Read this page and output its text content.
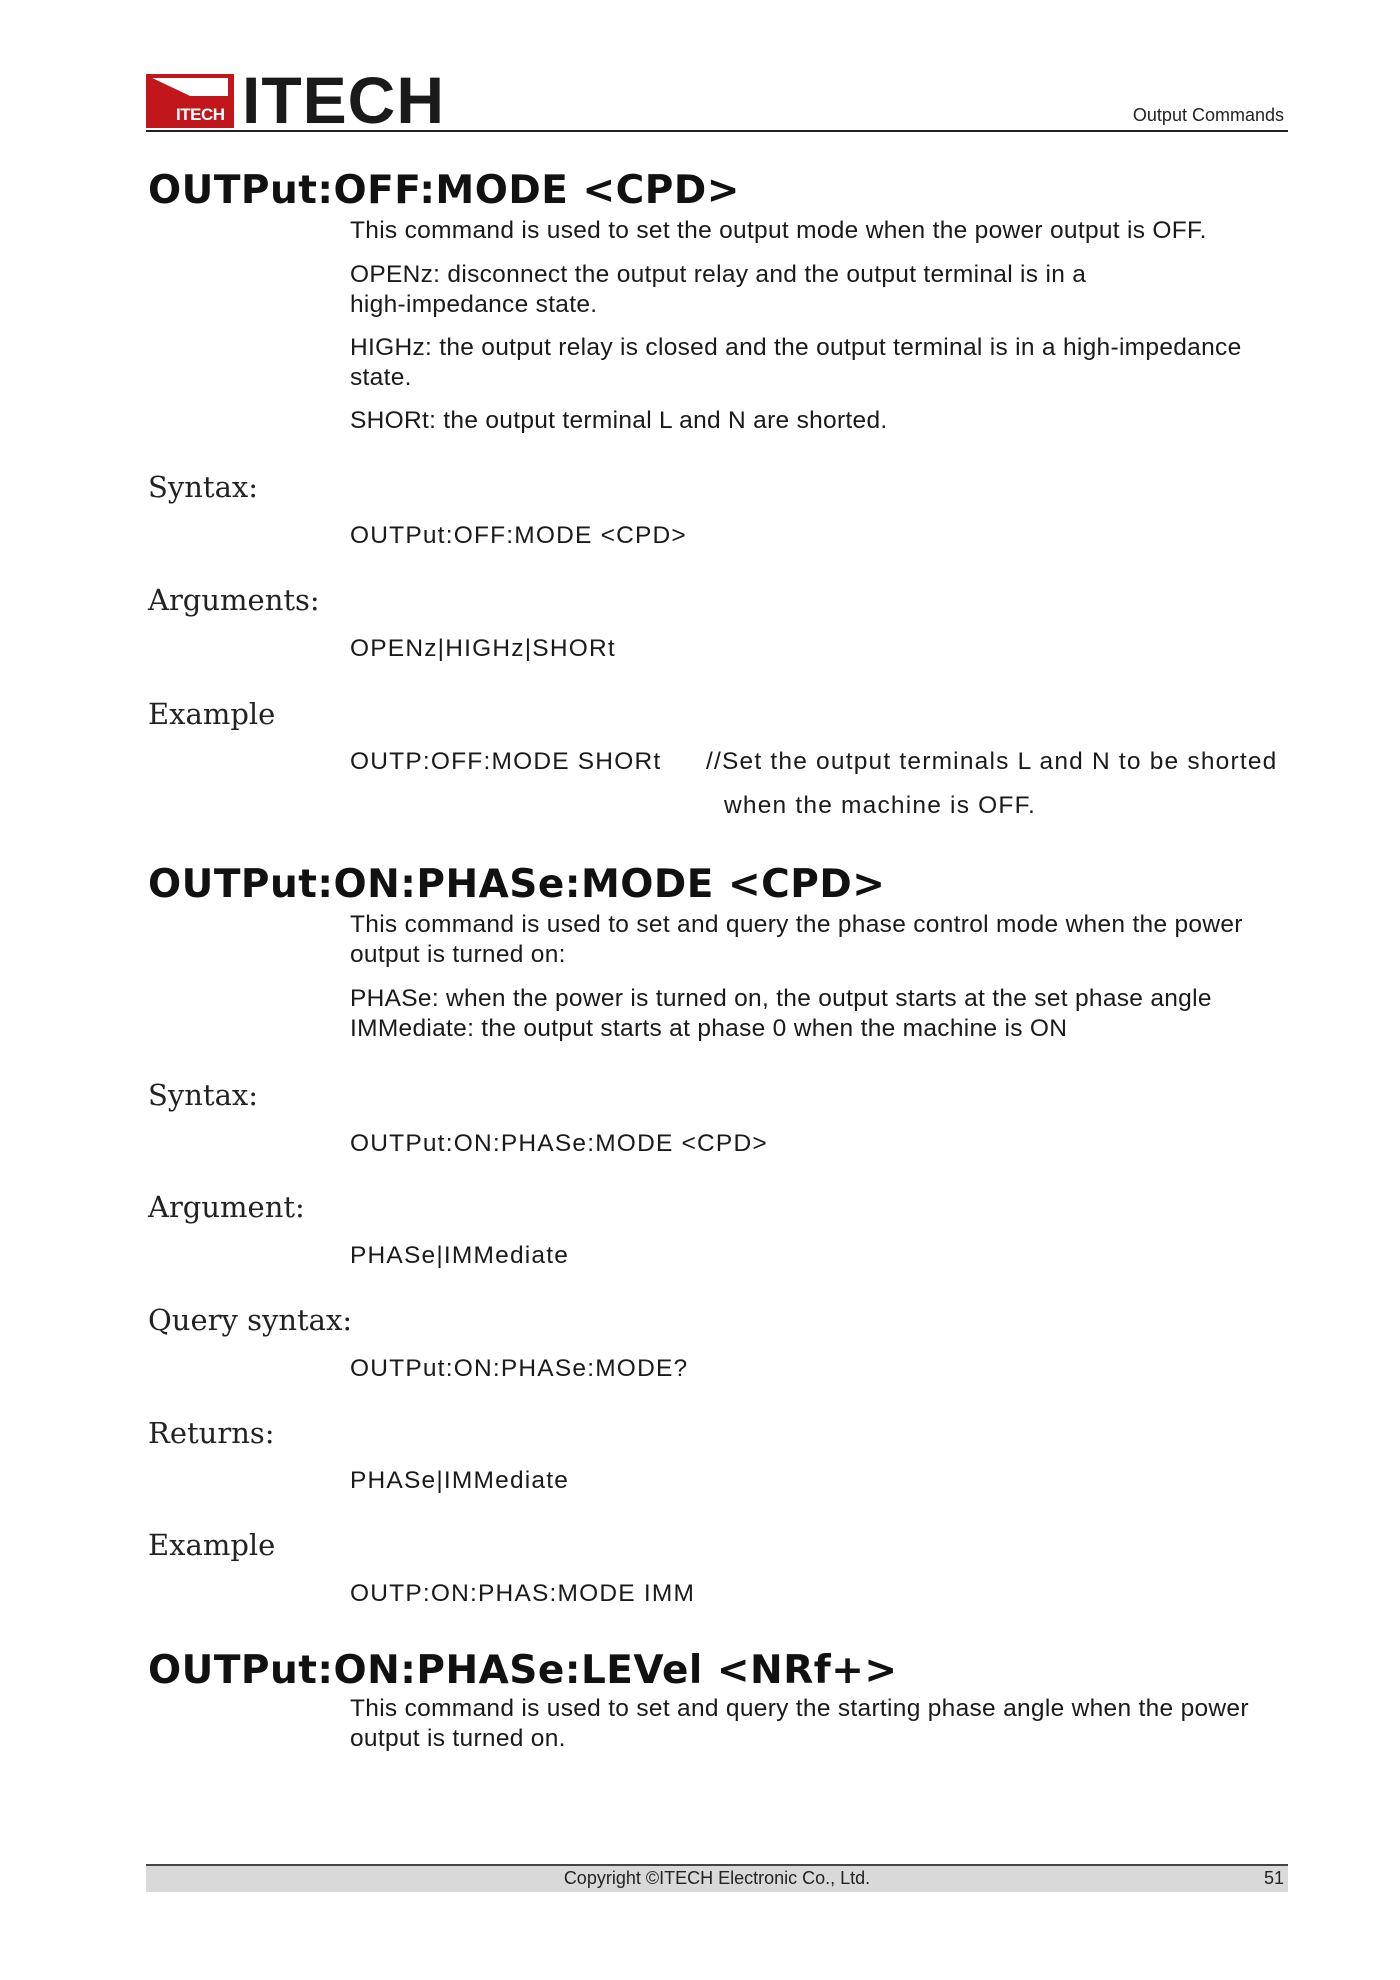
ITECH ITECH	Output Commands
OUTPut:OFF:MODE <CPD>
This command is used to set the output mode when the power output is OFF.
OPENz: disconnect the output relay and the output terminal is in a high-impedance state.
HIGHz: the output relay is closed and the output terminal is in a high-impedance state.
SHORt: the output terminal L and N are shorted.
Syntax:
OUTPut:OFF:MODE <CPD>
Arguments:
OPENz|HIGHz|SHORt
Example
OUTP:OFF:MODE SHORt //Set the output terminals L and N to be shorted
when the machine is OFF.
OUTPut:ON:PHASe:MODE <CPD>
This command is used to set and query the phase control mode when the power output is turned on:
PHASe: when the power is turned on, the output starts at the set phase angle
IMMediate: the output starts at phase 0 when the machine is ON
Syntax:
OUTPut:ON:PHASe:MODE <CPD>
Argument:
PHASe|IMMediate
Query syntax:
OUTPut:ON:PHASe:MODE?
Returns:
PHASe|IMMediate
Example
OUTP:ON:PHAS:MODE IMM
OUTPut:ON:PHASe:LEVel <NRf+>
This command is used to set and query the starting phase angle when the power output is turned on.
Copyright ©ITECH Electronic Co., Ltd.	51
